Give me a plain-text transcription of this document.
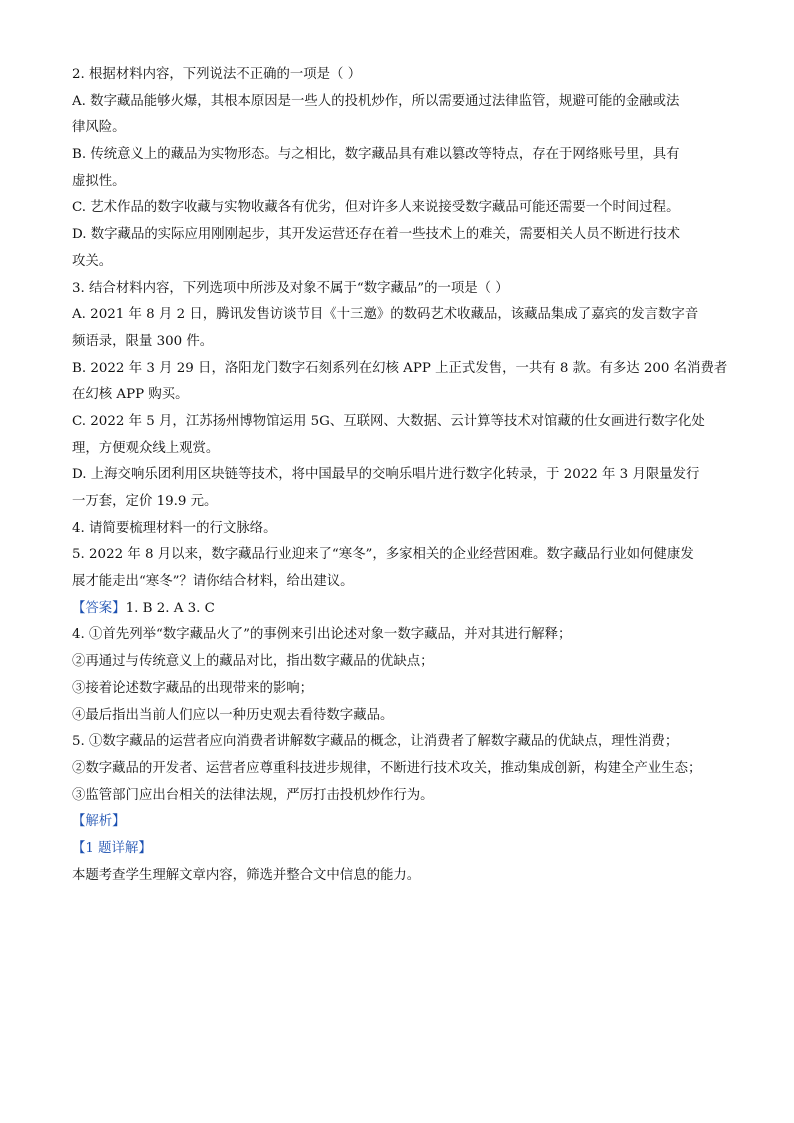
2. 根据材料内容，下列说法不正确的一项是（ ）
A. 数字藏品能够火爆，其根本原因是一些人的投机炒作，所以需要通过法律监管，规避可能的金融或法
律风险。
B. 传统意义上的藏品为实物形态。与之相比，数字藏品具有难以篡改等特点，存在于网络账号里，具有
虚拟性。
C. 艺术作品的数字收藏与实物收藏各有优劣，但对许多人来说接受数字藏品可能还需要一个时间过程。
D. 数字藏品的实际应用刚刚起步，其开发运营还存在着一些技术上的难关，需要相关人员不断进行技术
攻关。
3. 结合材料内容，下列选项中所涉及对象不属于“数字藏品”的一项是（ ）
A. 2021 年 8 月 2 日，腾讯发售访谈节目《十三邀》的数码艺术收藏品，该藏品集成了嘉宾的发言数字音
频语录，限量 300 件。
B. 2022 年 3 月 29 日，洛阳龙门数字石刻系列在幻核 APP 上正式发售，一共有 8 款。有多达 200 名消费者
在幻核 APP 购买。
C. 2022 年 5 月，江苏扬州博物馆运用 5G、互联网、大数据、云计算等技术对馆藏的仕女画进行数字化处
理，方便观众线上观赏。
D. 上海交响乐团利用区块链等技术，将中国最早的交响乐唱片进行数字化转录，于 2022 年 3 月限量发行
一万套，定价 19.9 元。
4. 请简要梳理材料一的行文脉络。
5. 2022 年 8 月以来，数字藏品行业迎来了“寒冬”，多家相关的企业经营困难。数字藏品行业如何健康发
展才能走出“寒冬”？请你结合材料，给出建议。
【答案】1. B 2. A 3. C
4. ①首先列举“数字藏品火了”的事例来引出论述对象一数字藏品，并对其进行解释；
②再通过与传统意义上的藏品对比，指出数字藏品的优缺点；
③接着论述数字藏品的出现带来的影响；
④最后指出当前人们应以一种历史观去看待数字藏品。
5. ①数字藏品的运营者应向消费者讲解数字藏品的概念，让消费者了解数字藏品的优缺点，理性消费；
②数字藏品的开发者、运营者应尊重科技进步规律，不断进行技术攻关，推动集成创新，构建全产业生态；
③监管部门应出台相关的法律法规，严厉打击投机炒作行为。
【解析】
【1 题详解】
本题考查学生理解文章内容，筛选并整合文中信息的能力。
